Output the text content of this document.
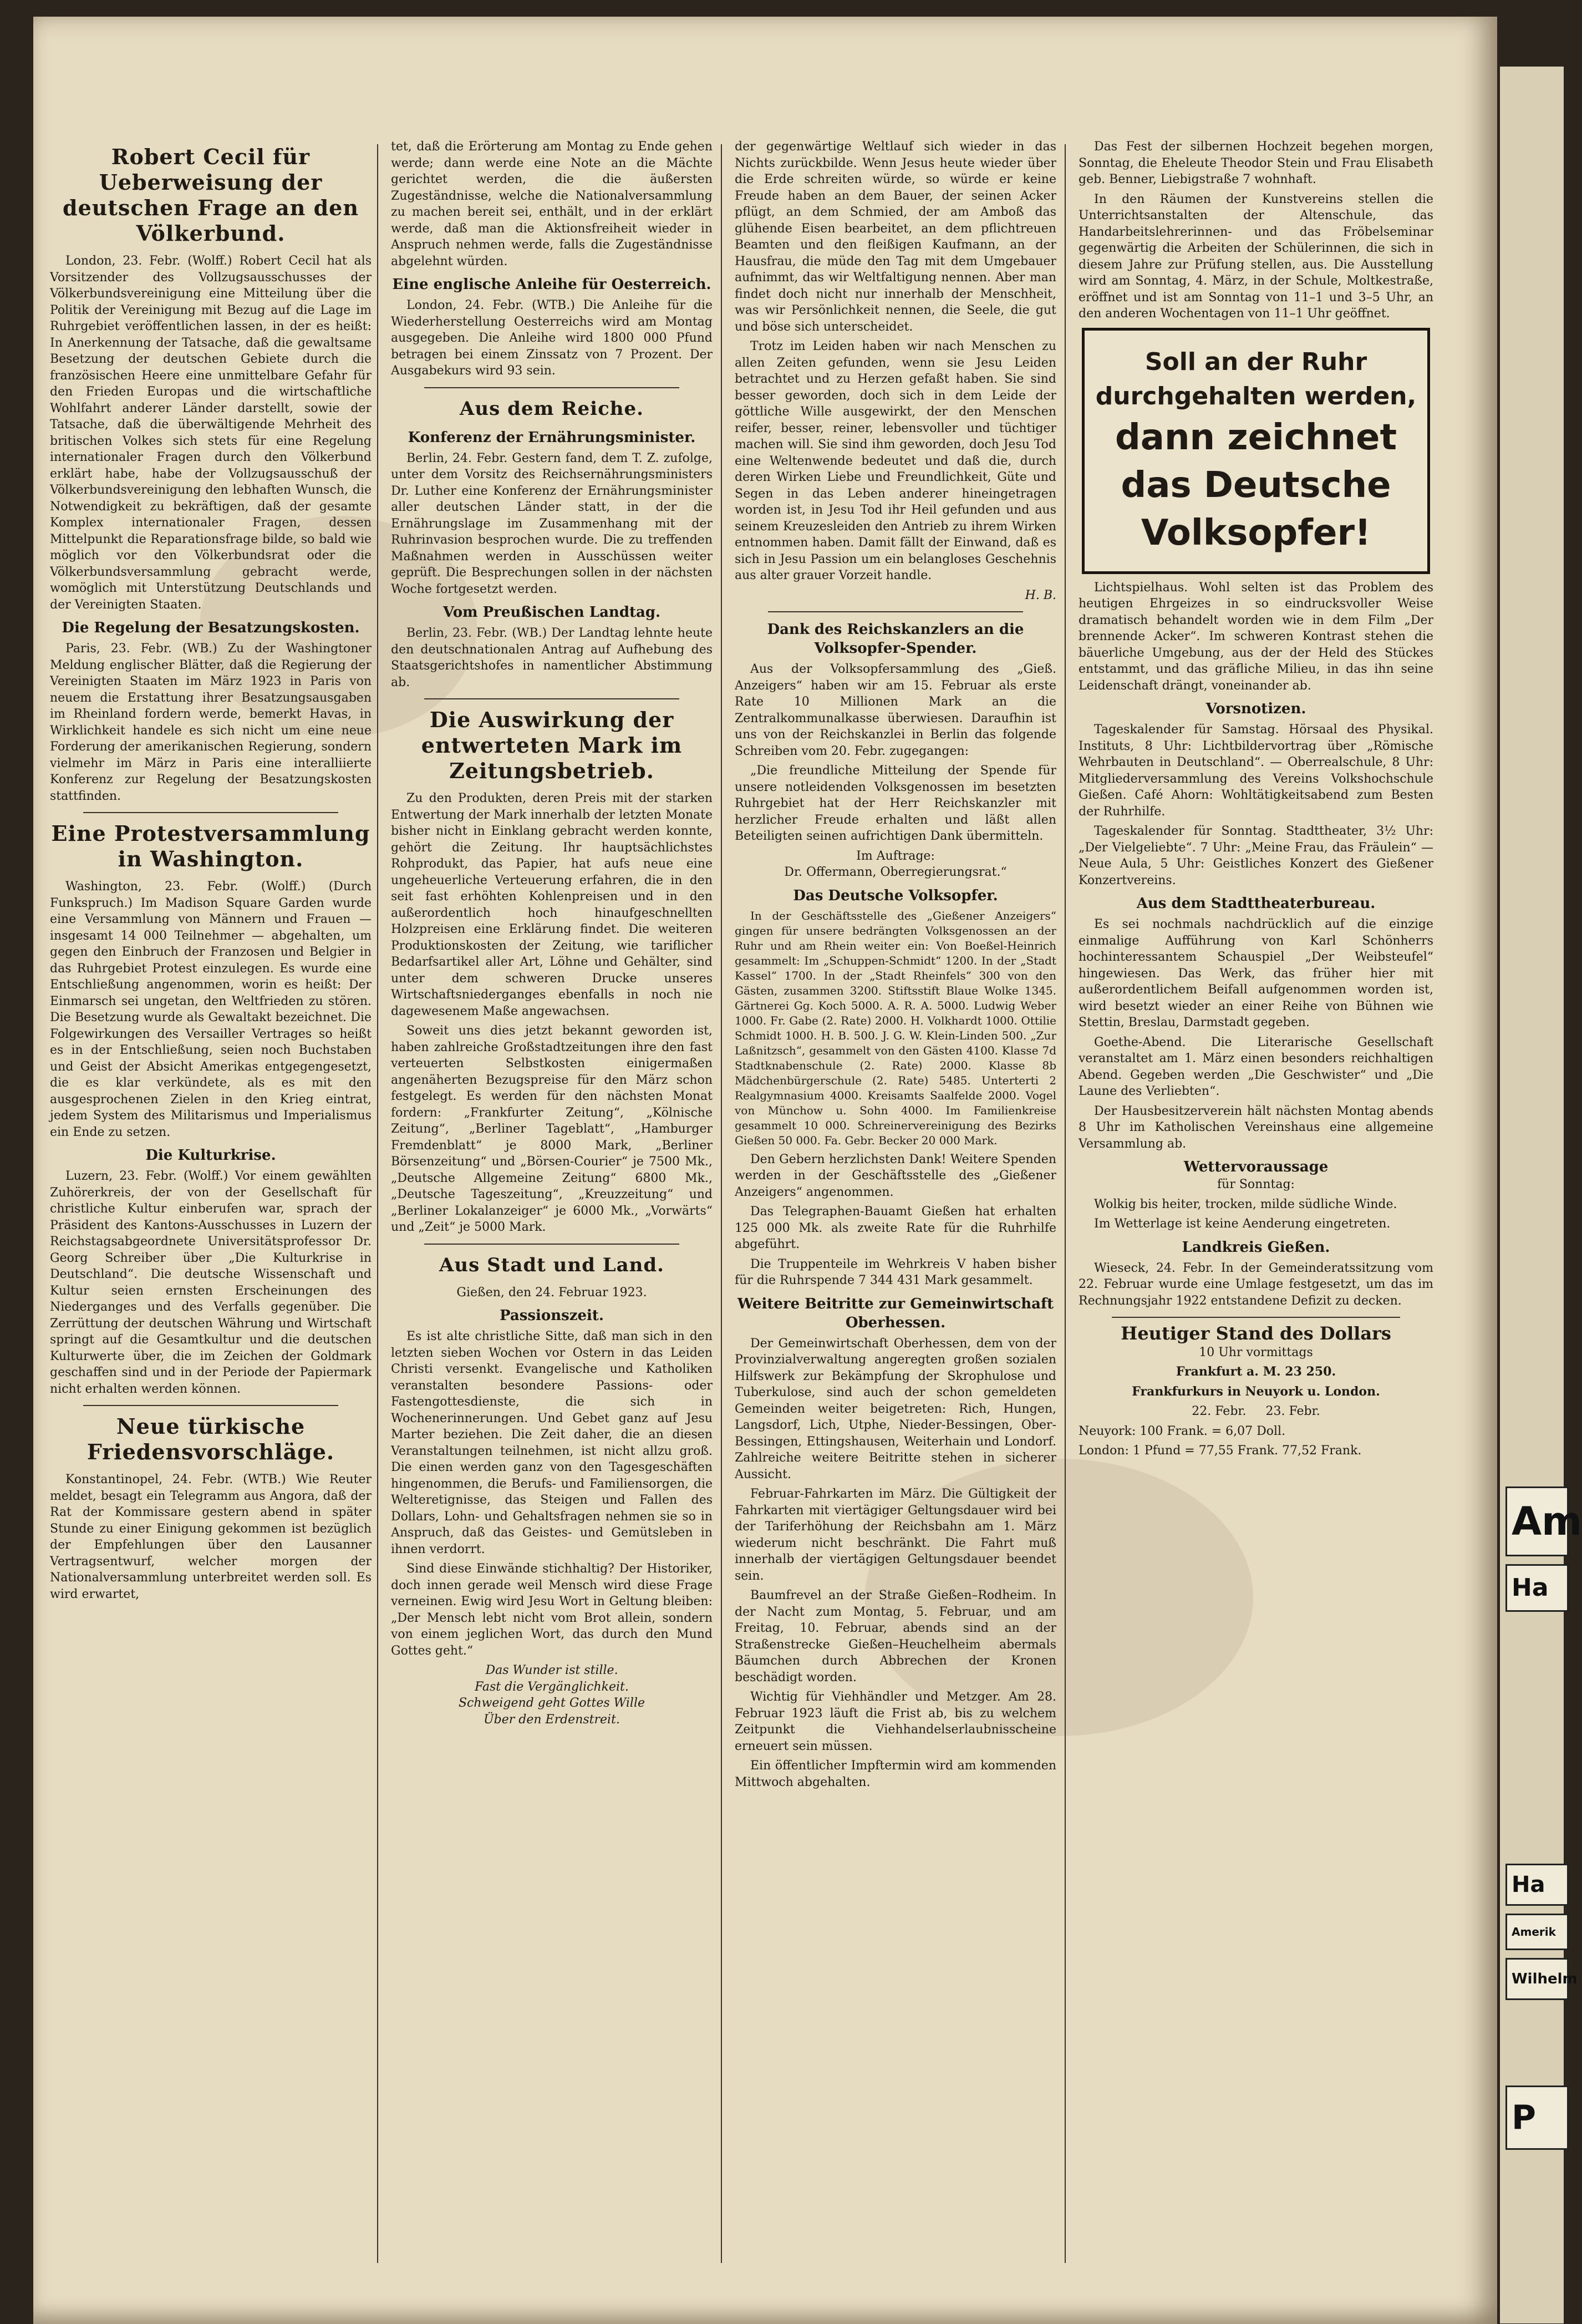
Robert Cecil für Ueberweisung der deutschen Frage an den Völkerbund.

London, 23. Febr. (Wolff.) Robert Cecil hat als Vorsitzender des Vollzugsausschusses der Völkerbundsvereinigung eine Mitteilung über die Politik der Vereinigung mit Bezug auf die Lage im Ruhrgebiet veröffentlichen lassen, in der es heißt: In Anerkennung der Tatsache, daß die gewaltsame Besetzung der deutschen Gebiete durch die französischen Heere eine unmittelbare Gefahr für den Frieden Europas und die wirtschaftliche Wohlfahrt anderer Länder darstellt, sowie der Tatsache, daß die überwältigende Mehrheit des britischen Volkes sich stets für eine Regelung internationaler Fragen durch den Völkerbund erklärt habe, habe der Vollzugsausschuß der Völkerbundsvereinigung den lebhaften Wunsch, die Notwendigkeit zu bekräftigen, daß der gesamte Komplex internationaler Fragen, dessen Mittelpunkt die Reparationsfrage bilde, so bald wie möglich vor den Völkerbundsrat oder die Völkerbundsversammlung gebracht werde, womöglich mit Unterstützung Deutschlands und der Vereinigten Staaten.

Die Regelung der Besatzungskosten.

Paris, 23. Febr. (WB.) Zu der Washingtoner Meldung englischer Blätter, daß die Regierung der Vereinigten Staaten im März 1923 in Paris von neuem die Erstattung ihrer Besatzungsausgaben im Rheinland fordern werde, bemerkt Havas, in Wirklichkeit handele es sich nicht um eine neue Forderung der amerikanischen Regierung, sondern vielmehr im März in Paris eine interalliierte Konferenz zur Regelung der Besatzungskosten stattfinden.

Eine Protestversammlung in Washington.

Washington, 23. Febr. (Wolff.) (Durch Funkspruch.) Im Madison Square Garden wurde eine Versammlung von Männern und Frauen — insgesamt 14 000 Teilnehmer — abgehalten, um gegen den Einbruch der Franzosen und Belgier in das Ruhrgebiet Protest einzulegen. Es wurde eine Entschließung angenommen, worin es heißt: Der Einmarsch sei ungetan, den Weltfrieden zu stören. Die Besetzung wurde als Gewaltakt bezeichnet. Die Folgewirkungen des Versailler Vertrages so heißt es in der Entschließung, seien noch Buchstaben und Geist der Absicht Amerikas entgegengesetzt, die es klar verkündete, als es mit den ausgesprochenen Zielen in den Krieg eintrat, jedem System des Militarismus und Imperialismus ein Ende zu setzen.

Die Kulturkrise.

Luzern, 23. Febr. (Wolff.) Vor einem gewählten Zuhörerkreis, der von der Gesellschaft für christliche Kultur einberufen war, sprach der Präsident des Kantons-Ausschusses in Luzern der Reichstagsabgeordnete Universitätsprofessor Dr. Georg Schreiber über „Die Kulturkrise in Deutschland“. Die deutsche Wissenschaft und Kultur seien ernsten Erscheinungen des Niederganges und des Verfalls gegenüber. Die Zerrüttung der deutschen Währung und Wirtschaft springt auf die Gesamtkultur und die deutschen Kulturwerte über, die im Zeichen der Goldmark geschaffen sind und in der Periode der Papiermark nicht erhalten werden können.

Neue türkische Friedensvorschläge.

Konstantinopel, 24. Febr. (WTB.) Wie Reuter meldet, besagt ein Telegramm aus Angora, daß der Rat der Kommissare gestern abend in später Stunde zu einer Einigung gekommen ist bezüglich der Empfehlungen über den Lausanner Vertragsentwurf, welcher morgen der Nationalversammlung unterbreitet werden soll. Es wird erwartet,

tet, daß die Erörterung am Montag zu Ende gehen werde; dann werde eine Note an die Mächte gerichtet werden, die die äußersten Zugeständnisse, welche die Nationalversammlung zu machen bereit sei, enthält, und in der erklärt werde, daß man die Aktionsfreiheit wieder in Anspruch nehmen werde, falls die Zugeständnisse abgelehnt würden.

Eine englische Anleihe für Oesterreich.

London, 24. Febr. (WTB.) Die Anleihe für die Wiederherstellung Oesterreichs wird am Montag ausgegeben. Die Anleihe wird 1800 000 Pfund betragen bei einem Zinssatz von 7 Prozent. Der Ausgabekurs wird 93 sein.

Aus dem Reiche.
Konferenz der Ernährungsminister.

Berlin, 24. Febr. Gestern fand, dem T. Z. zufolge, unter dem Vorsitz des Reichsernährungsministers Dr. Luther eine Konferenz der Ernährungsminister aller deutschen Länder statt, in der die Ernährungslage im Zusammenhang mit der Ruhrinvasion besprochen wurde. Die zu treffenden Maßnahmen werden in Ausschüssen weiter geprüft. Die Besprechungen sollen in der nächsten Woche fortgesetzt werden.

Vom Preußischen Landtag.

Berlin, 23. Febr. (WB.) Der Landtag lehnte heute den deutschnationalen Antrag auf Aufhebung des Staatsgerichtshofes in namentlicher Abstimmung ab.

Die Auswirkung der entwerteten Mark im Zeitungsbetrieb.

Zu den Produkten, deren Preis mit der starken Entwertung der Mark innerhalb der letzten Monate bisher nicht in Einklang gebracht werden konnte, gehört die Zeitung. Ihr hauptsächlichstes Rohprodukt, das Papier, hat aufs neue eine ungeheuerliche Verteuerung erfahren, die in den seit fast erhöhten Kohlenpreisen und in den außerordentlich hoch hinaufgeschnellten Holzpreisen eine Erklärung findet. Die weiteren Produktionskosten der Zeitung, wie tariflicher Bedarfsartikel aller Art, Löhne und Gehälter, sind unter dem schweren Drucke unseres Wirtschaftsniederganges ebenfalls in noch nie dagewesenem Maße angewachsen.

Soweit uns dies jetzt bekannt geworden ist, haben zahlreiche Großstadtzeitungen ihre den fast verteuerten Selbstkosten einigermaßen angenäherten Bezugspreise für den März schon festgelegt. Es werden für den nächsten Monat fordern: „Frankfurter Zeitung“, „Kölnische Zeitung“, „Berliner Tageblatt“, „Hamburger Fremdenblatt“ je 8000 Mark, „Berliner Börsenzeitung“ und „Börsen-Courier“ je 7500 Mk., „Deutsche Allgemeine Zeitung“ 6800 Mk., „Deutsche Tageszeitung“, „Kreuzzeitung“ und „Berliner Lokalanzeiger“ je 6000 Mk., „Vorwärts“ und „Zeit“ je 5000 Mark.

Aus Stadt und Land.

Gießen, den 24. Februar 1923.

Passionszeit.

Es ist alte christliche Sitte, daß man sich in den letzten sieben Wochen vor Ostern in das Leiden Christi versenkt. Evangelische und Katholiken veranstalten besondere Passions- oder Fastengottesdienste, die sich in Wochenerinnerungen. Und Gebet ganz auf Jesu Marter beziehen. Die Zeit daher, die an diesen Veranstaltungen teilnehmen, ist nicht allzu groß. Die einen werden ganz von den Tagesgeschäften hingenommen, die Berufs- und Familiensorgen, die Welteretignisse, das Steigen und Fallen des Dollars, Lohn- und Gehaltsfragen nehmen sie so in Anspruch, daß das Geistes- und Gemütsleben in ihnen verdorrt.

Sind diese Einwände stichhaltig? Der Historiker, doch innen gerade weil Mensch wird diese Frage verneinen. Ewig wird Jesu Wort in Geltung bleiben: „Der Mensch lebt nicht vom Brot allein, sondern von einem jeglichen Wort, das durch den Mund Gottes geht.“

Das Wunder ist stille.
Fast die Vergänglichkeit.
Schweigend geht Gottes Wille
Über den Erdenstreit.

der gegenwärtige Weltlauf sich wieder in das Nichts zurückbilde. Wenn Jesus heute wieder über die Erde schreiten würde, so würde er keine Freude haben an dem Bauer, der seinen Acker pflügt, an dem Schmied, der am Amboß das glühende Eisen bearbeitet, an dem pflichtreuen Beamten und den fleißigen Kaufmann, an der Hausfrau, die müde den Tag mit dem Umgebauer aufnimmt, das wir Weltfaltigung nennen. Aber man findet doch nicht nur innerhalb der Menschheit, was wir Persönlichkeit nennen, die Seele, die gut und böse sich unterscheidet.

Trotz im Leiden haben wir nach Menschen zu allen Zeiten gefunden, wenn sie Jesu Leiden betrachtet und zu Herzen gefaßt haben. Sie sind besser geworden, doch sich in dem Leide der göttliche Wille ausgewirkt, der den Menschen reifer, besser, reiner, lebensvoller und tüchtiger machen will. Sie sind ihm geworden, doch Jesu Tod eine Weltenwende bedeutet und daß die, durch deren Wirken Liebe und Freundlichkeit, Güte und Segen in das Leben anderer hineingetragen worden ist, in Jesu Tod ihr Heil gefunden und aus seinem Kreuzesleiden den Antrieb zu ihrem Wirken entnommen haben. Damit fällt der Einwand, daß es sich in Jesu Passion um ein belangloses Geschehnis aus alter grauer Vorzeit handle.

H. B.

Dank des Reichskanzlers an die Volksopfer-Spender.

Aus der Volksopfersammlung des „Gieß. Anzeigers“ haben wir am 15. Februar als erste Rate 10 Millionen Mark an die Zentralkommunalkasse überwiesen. Daraufhin ist uns von der Reichskanzlei in Berlin das folgende Schreiben vom 20. Febr. zugegangen:

„Die freundliche Mitteilung der Spende für unsere notleidenden Volksgenossen im besetzten Ruhrgebiet hat der Herr Reichskanzler mit herzlicher Freude erhalten und läßt allen Beteiligten seinen aufrichtigen Dank übermitteln.

Im Auftrage:
Dr. Offermann, Oberregierungsrat.“

Das Deutsche Volksopfer.

In der Geschäftsstelle des „Gießener Anzeigers“ gingen für unsere bedrängten Volksgenossen an der Ruhr und am Rhein weiter ein: Von Boeßel-Heinrich gesammelt: Im „Schuppen-Schmidt“ 1200. In der „Stadt Kassel“ 1700. In der „Stadt Rheinfels“ 300 von den Gästen, zusammen 3200. Stiftsstift Blaue Wolke 1345. Gärtnerei Gg. Koch 5000. A. R. A. 5000. Ludwig Weber 1000. Fr. Gabe (2. Rate) 2000. H. Volkhardt 1000. Ottilie Schmidt 1000. H. B. 500. J. G. W. Klein-Linden 500. „Zur Laßnitzsch“, gesammelt von den Gästen 4100. Klasse 7d Stadtknabenschule (2. Rate) 2000. Klasse 8b Mädchenbürgerschule (2. Rate) 5485. Unterterti 2 Realgymnasium 4000. Kreisamts Saalfelde 2000. Vogel von Münchow u. Sohn 4000. Im Familienkreise gesammelt 10 000. Schreinervereinigung des Bezirks Gießen 50 000. Fa. Gebr. Becker 20 000 Mark.

Den Gebern herzlichsten Dank! Weitere Spenden werden in der Geschäftsstelle des „Gießener Anzeigers“ angenommen.

Das Telegraphen-Bauamt Gießen hat erhalten 125 000 Mk. als zweite Rate für die Ruhrhilfe abgeführt.

Die Truppenteile im Wehrkreis V haben bisher für die Ruhrspende 7 344 431 Mark gesammelt.

Weitere Beitritte zur Gemeinwirtschaft Oberhessen.

Der Gemeinwirtschaft Oberhessen, dem von der Provinzialverwaltung angeregten großen sozialen Hilfswerk zur Bekämpfung der Skrophulose und Tuberkulose, sind auch der schon gemeldeten Gemeinden weiter beigetreten: Rich, Hungen, Langsdorf, Lich, Utphe, Nieder-Bessingen, Ober-Bessingen, Ettingshausen, Weiterhain und Londorf. Zahlreiche weitere Beitritte stehen in sicherer Aussicht.

Februar-Fahrkarten im März. Die Gültigkeit der Fahrkarten mit viertägiger Geltungsdauer wird bei der Tariferhöhung der Reichsbahn am 1. März wiederum nicht beschränkt. Die Fahrt muß innerhalb der viertägigen Geltungsdauer beendet sein.

Baumfrevel an der Straße Gießen–Rodheim. In der Nacht zum Montag, 5. Februar, und am Freitag, 10. Februar, abends sind an der Straßenstrecke Gießen–Heuchelheim abermals Bäumchen durch Abbrechen der Kronen beschädigt worden.

Wichtig für Viehhändler und Metzger. Am 28. Februar 1923 läuft die Frist ab, bis zu welchem Zeitpunkt die Viehhandelserlaubnisscheine erneuert sein müssen.

Ein öffentlicher Impftermin wird am kommenden Mittwoch abgehalten.

Das Fest der silbernen Hochzeit begehen morgen, Sonntag, die Eheleute Theodor Stein und Frau Elisabeth geb. Benner, Liebigstraße 7 wohnhaft.

In den Räumen der Kunstvereins stellen die Unterrichtsanstalten der Altenschule, das Handarbeitslehrerinnen- und das Fröbelseminar gegenwärtig die Arbeiten der Schülerinnen, die sich in diesem Jahre zur Prüfung stellen, aus. Die Ausstellung wird am Sonntag, 4. März, in der Schule, Moltkestraße, eröffnet und ist am Sonntag von 11–1 und 3–5 Uhr, an den anderen Wochentagen von 11–1 Uhr geöffnet.

Soll an der Ruhr durchgehalten werden,
dann zeichnet das Deutsche Volksopfer!

Lichtspielhaus. Wohl selten ist das Problem des heutigen Ehrgeizes in so eindrucksvoller Weise dramatisch behandelt worden wie in dem Film „Der brennende Acker“. Im schweren Kontrast stehen die bäuerliche Umgebung, aus der der Held des Stückes entstammt, und das gräfliche Milieu, in das ihn seine Leidenschaft drängt, voneinander ab.

Vorsnotizen.

Tageskalender für Samstag. Hörsaal des Physikal. Instituts, 8 Uhr: Lichtbildervortrag über „Römische Wehrbauten in Deutschland“. — Oberrealschule, 8 Uhr: Mitgliederversammlung des Vereins Volkshochschule Gießen. Café Ahorn: Wohltätigkeitsabend zum Besten der Ruhrhilfe.

Tageskalender für Sonntag. Stadttheater, 3½ Uhr: „Der Vielgeliebte“. 7 Uhr: „Meine Frau, das Fräulein“ — Neue Aula, 5 Uhr: Geistliches Konzert des Gießener Konzertvereins.

Aus dem Stadttheaterbureau.

Es sei nochmals nachdrücklich auf die einzige einmalige Aufführung von Karl Schönherrs hochinteressantem Schauspiel „Der Weibsteufel“ hingewiesen. Das Werk, das früher hier mit außerordentlichem Beifall aufgenommen worden ist, wird besetzt wieder an einer Reihe von Bühnen wie Stettin, Breslau, Darmstadt gegeben.

Goethe-Abend. Die Literarische Gesellschaft veranstaltet am 1. März einen besonders reichhaltigen Abend. Gegeben werden „Die Geschwister“ und „Die Laune des Verliebten“.

Der Hausbesitzerverein hält nächsten Montag abends 8 Uhr im Katholischen Vereinshaus eine allgemeine Versammlung ab.

Wettervoraussage

für Sonntag:

Wolkig bis heiter, trocken, milde südliche Winde.

Im Wetterlage ist keine Aenderung eingetreten.

Landkreis Gießen.

Wieseck, 24. Febr. In der Gemeinderatssitzung vom 22. Februar wurde eine Umlage festgesetzt, um das im Rechnungsjahr 1922 entstandene Defizit zu decken.

Heutiger Stand des Dollars

10 Uhr vormittags

Frankfurt a. M. 23 250.

Frankfurkurs in Neuyork u. London.

22. Febr.     23. Febr.

Neuyork: 100 Frank. = 6,07 Doll.

London: 1 Pfund = 77,55 Frank. 77,52 Frank.

Am
Ha
Ha
Amerik
Wilhelm
P
